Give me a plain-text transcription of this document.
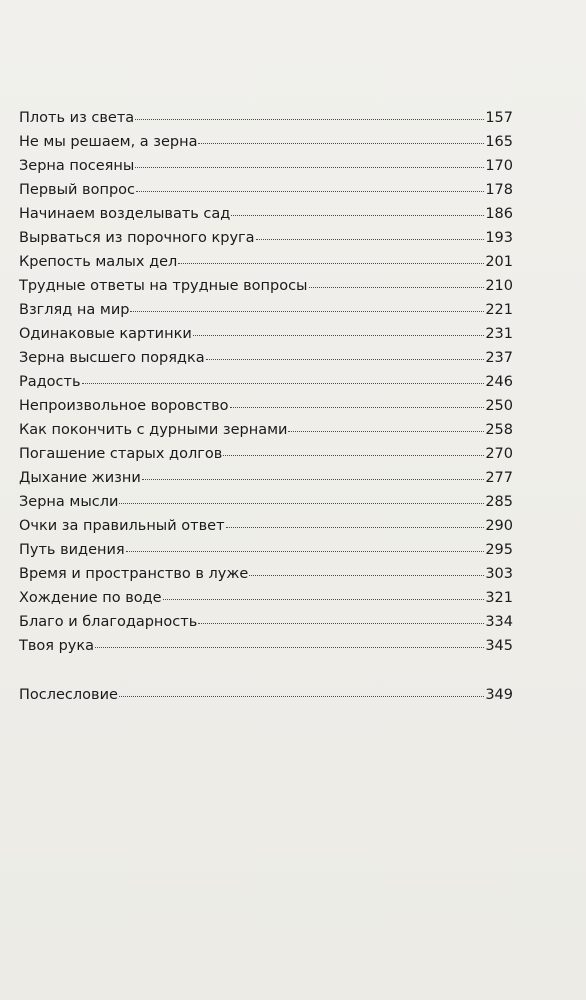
Плоть из света	157
Не мы решаем, а зерна	165
Зерна посеяны	170
Первый вопрос	178
Начинаем возделывать сад	186
Вырваться из порочного круга	193
Крепость малых дел	201
Трудные ответы на трудные вопросы	210
Взгляд на мир	221
Одинаковые картинки	231
Зерна высшего порядка	237
Радость	246
Непроизвольное воровство	250
Как покончить с дурными зернами	258
Погашение старых долгов	270
Дыхание жизни	277
Зерна мысли	285
Очки за правильный ответ	290
Путь видения	295
Время и пространство в луже	303
Хождение по воде	321
Благо и благодарность	334
Твоя рука	345
Послесловие	349
